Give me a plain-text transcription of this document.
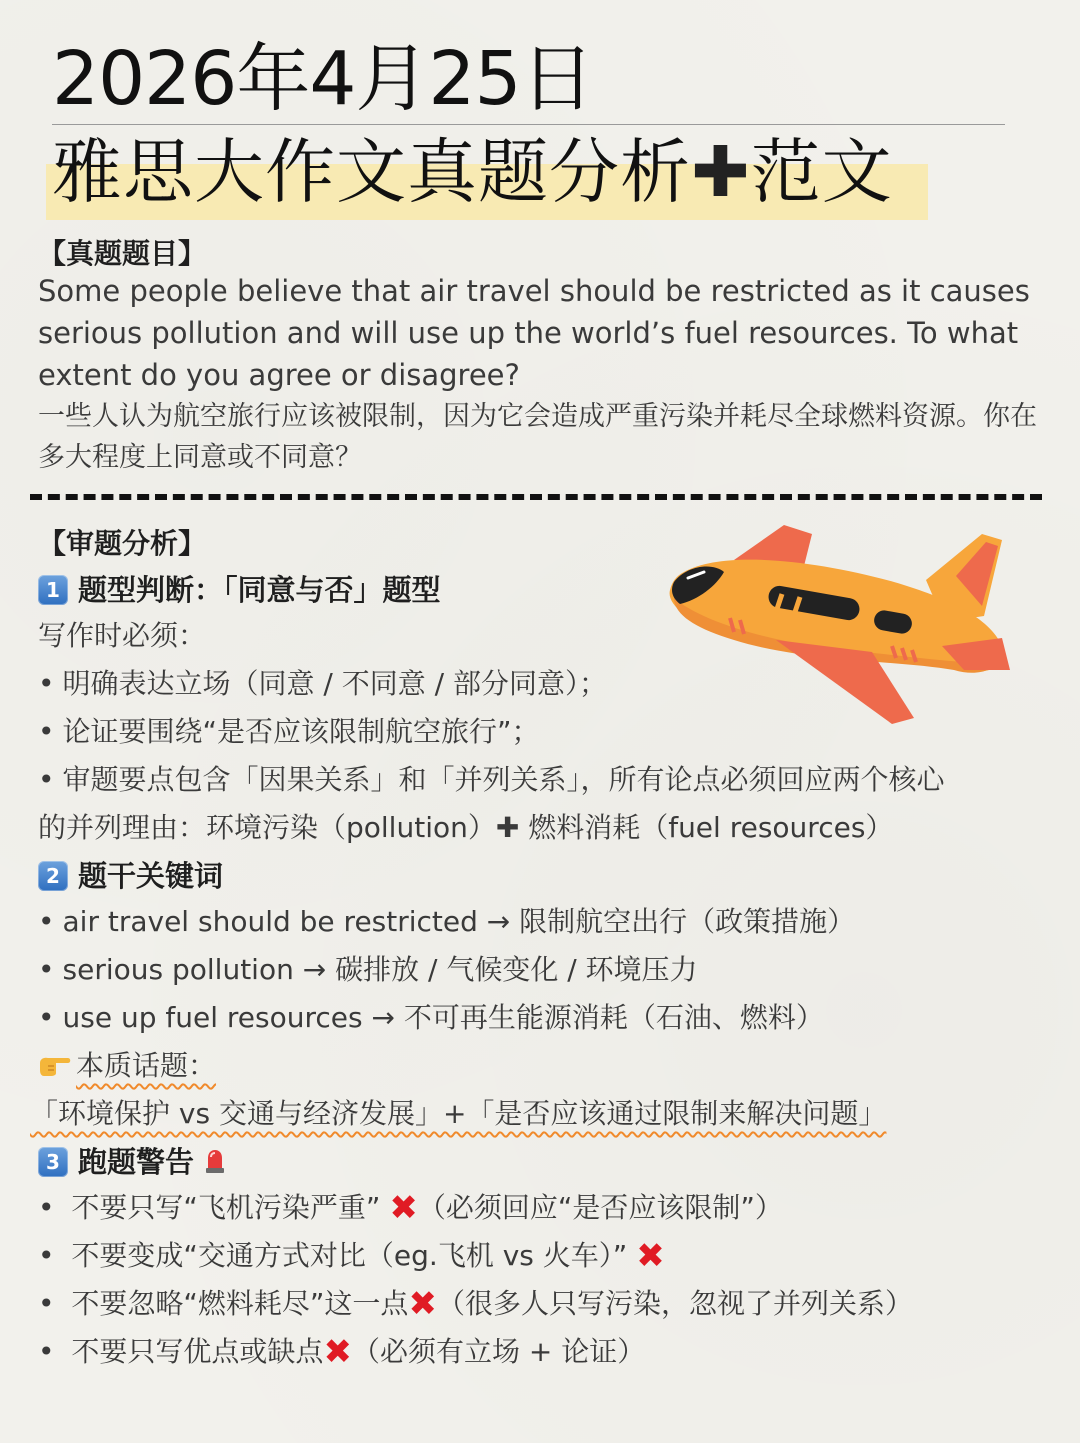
2026年4月25日
雅思大作文真题分析✚范文
【真题题目】
Some people believe that air travel should be restricted as it causes serious pollution and will use up the world’s fuel resources. To what extent do you agree or disagree?
一些人认为航空旅行应该被限制，因为它会造成严重污染并耗尽全球燃料资源。你在多大程度上同意或不同意？
【审题分析】
1 题型判断：「同意与否」题型
写作时必须：
• 明确表达立场（同意 / 不同意 / 部分同意）；
• 论证要围绕“是否应该限制航空旅行”；
• 审题要点包含「因果关系」和「并列关系」，所有论点必须回应两个核心
的并列理由：环境污染（pollution）✚ 燃料消耗（fuel resources）
2 题干关键词
• air travel should be restricted → 限制航空出行（政策措施）
• serious pollution → 碳排放 / 气候变化 / 环境压力
• use up fuel resources → 不可再生能源消耗（石油、燃料）
本质话题：
「环境保护 vs 交通与经济发展」+「是否应该通过限制来解决问题」
3 跑题警告
• 不要只写“飞机污染严重” ✖（必须回应“是否应该限制”）
• 不要变成“交通方式对比（eg.飞机 vs 火车）” ✖
• 不要忽略“燃料耗尽”这一点✖（很多人只写污染，忽视了并列关系）
• 不要只写优点或缺点✖（必须有立场 + 论证）
